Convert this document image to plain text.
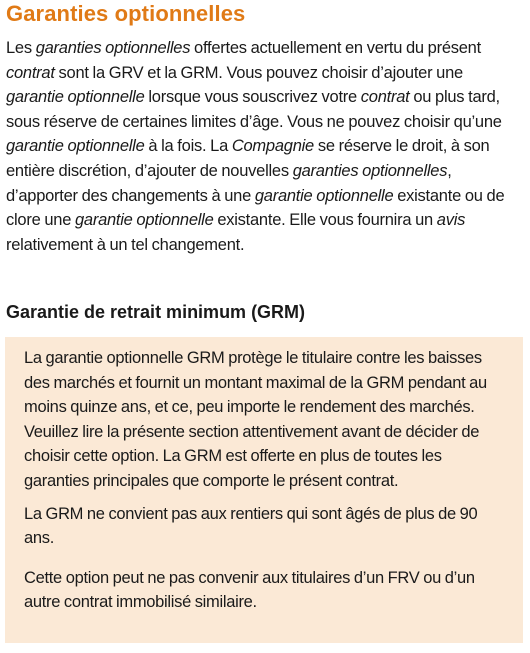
Garanties optionnelles

Les garanties optionnelles offertes actuellement en vertu du présent contrat sont la GRV et la GRM. Vous pouvez choisir d’ajouter une garantie optionnelle lorsque vous souscrivez votre contrat ou plus tard, sous réserve de certaines limites d’âge. Vous ne pouvez choisir qu’une garantie optionnelle à la fois. La Compagnie se réserve le droit, à son entière discrétion, d’ajouter de nouvelles garanties optionnelles, d’apporter des changements à une garantie optionnelle existante ou de clore une garantie optionnelle existante. Elle vous fournira un avis relativement à un tel changement.

Garantie de retrait minimum (GRM)

La garantie optionnelle GRM protège le titulaire contre les baisses des marchés et fournit un montant maximal de la GRM pendant au moins quinze ans, et ce, peu importe le rendement des marchés. Veuillez lire la présente section attentivement avant de décider de choisir cette option. La GRM est offerte en plus de toutes les garanties principales que comporte le présent contrat.

La GRM ne convient pas aux rentiers qui sont âgés de plus de 90 ans.

Cette option peut ne pas convenir aux titulaires d’un FRV ou d’un autre contrat immobilisé similaire.
